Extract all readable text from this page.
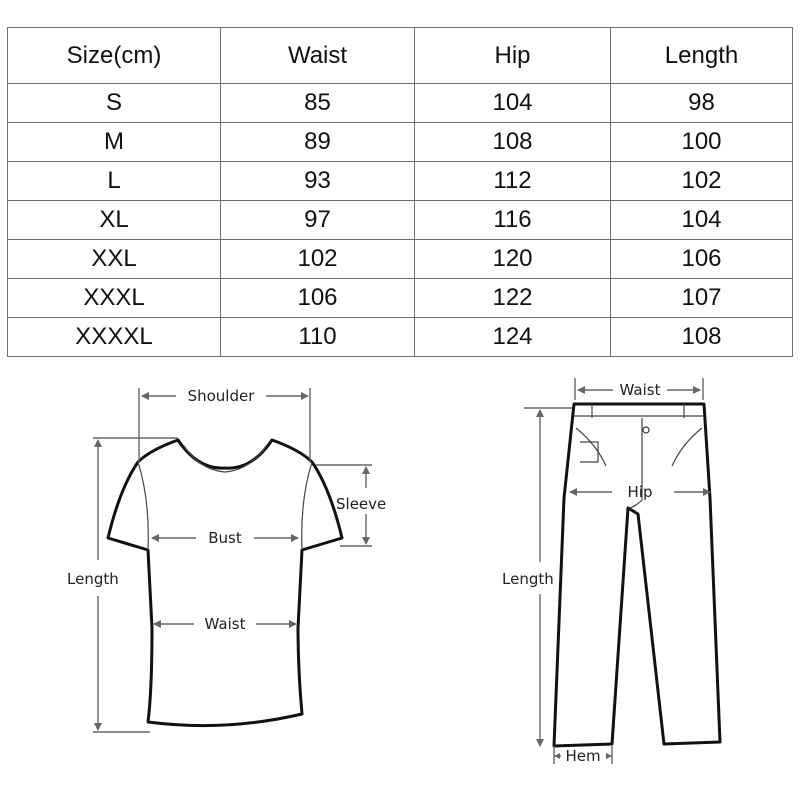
Size(cm)	Waist	Hip	Length
S	85	104	98
M	89	108	100
L	93	112	102
XL	97	116	104
XXL	102	120	106
XXXL	106	122	107
XXXXL	110	124	108
Shoulder
Sleeve
Bust
Waist
Length
Waist
Hip
Length
Hem
